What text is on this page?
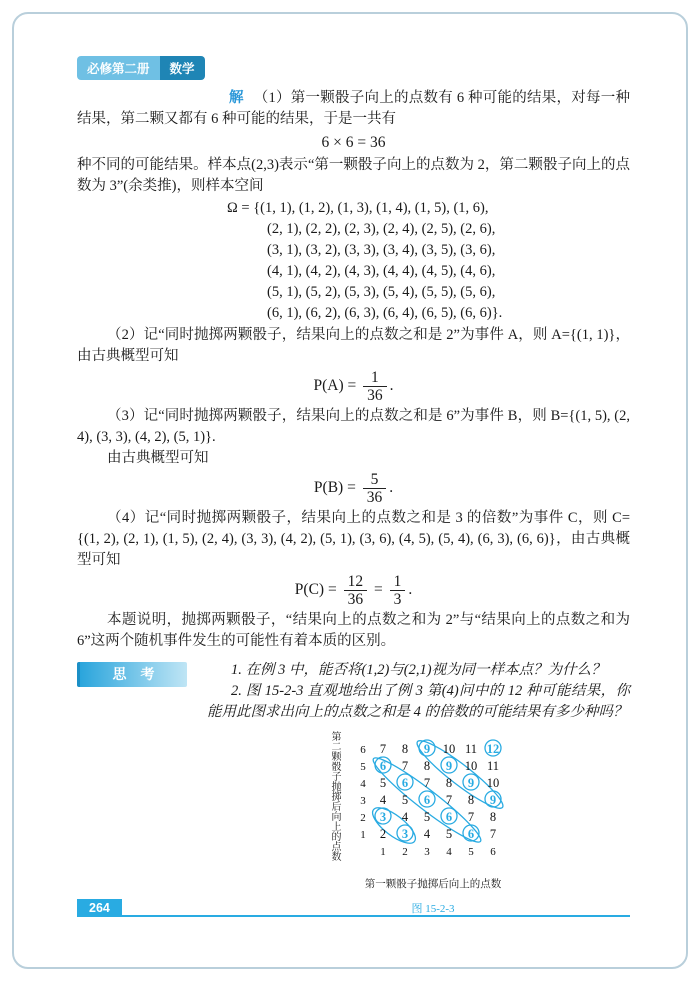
必修第二册	数学

解 （1）第一颗骰子向上的点数有 6 种可能的结果，对每一种结果，第二颗又都有 6 种可能的结果，于是一共有

6 × 6 = 36

种不同的可能结果。样本点(2,3)表示“第一颗骰子向上的点数为 2，第二颗骰子向上的点数为 3”(余类推)，则样本空间

Ω = {(1, 1), (1, 2), (1, 3), (1, 4), (1, 5), (1, 6),
(2, 1), (2, 2), (2, 3), (2, 4), (2, 5), (2, 6),
(3, 1), (3, 2), (3, 3), (3, 4), (3, 5), (3, 6),
(4, 1), (4, 2), (4, 3), (4, 4), (4, 5), (4, 6),
(5, 1), (5, 2), (5, 3), (5, 4), (5, 5), (5, 6),
(6, 1), (6, 2), (6, 3), (6, 4), (6, 5), (6, 6)}.

（2）记“同时抛掷两颗骰子，结果向上的点数之和是 2”为事件 A，则 A={(1, 1)}，由古典概型可知

$P(A) = \frac{1}{36}$ .

（3）记“同时抛掷两颗骰子，结果向上的点数之和是 6”为事件 B，则 B={(1, 5), (2, 4), (3, 3), (4, 2), (5, 1)}.

由古典概型可知

$P(B) = \frac{5}{36}$ .

（4）记“同时抛掷两颗骰子，结果向上的点数之和是 3 的倍数”为事件 C，则 C={(1, 2), (2, 1), (1, 5), (2, 4), (3, 3), (4, 2), (5, 1), (3, 6), (4, 5), (5, 4), (6, 3), (6, 6)}，由古典概型可知

$P(C) = \frac{12}{36} = \frac{1}{3}$ .

本题说明，抛掷两颗骰子，“结果向上的点数之和为 2”与“结果向上的点数之和为 6”这两个随机事件发生的可能性有着本质的区别。

思　考	1. 在例 3 中，能否将(1,2)与(2,1)视为同一样本点？为什么？

2. 图 15-2-3 直观地给出了例 3 第(4)问中的 12 种可能结果，你能用此图求出向上的点数之和是 4 的倍数的可能结果有多少种吗？

第二颗骰子抛掷后向上的点数	7 8 9 10 11 12
6 7 8 9 10 11
5 6 7 8 9 10
4 5 6 7 8 9
3 4 5 6 7 8
2 3 4 5 6 7
6
5
4
3
2
1
1 2 3 4 5 6
第一颗骰子抛掷后向上的点数
图 15-2-3
264
